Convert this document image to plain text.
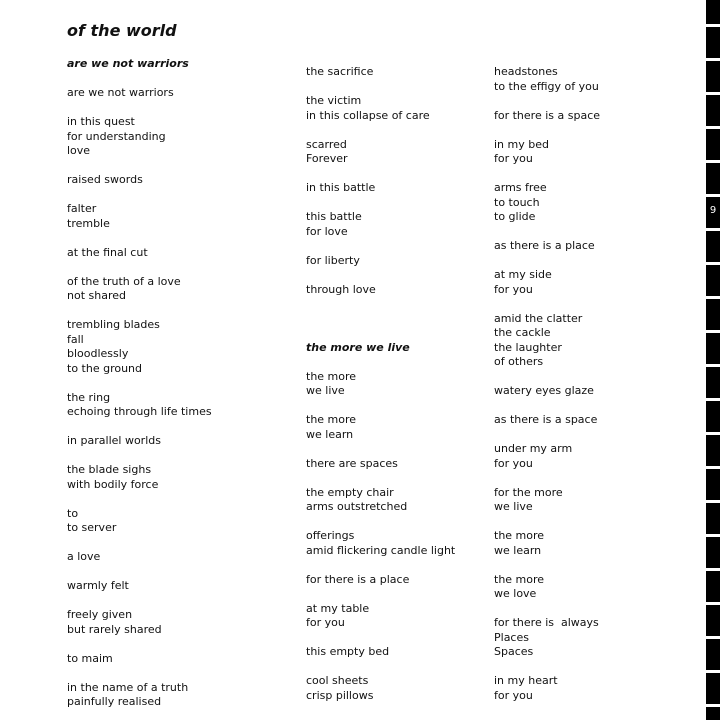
of the world
are we not warriors
are we not warriors
in this quest
for understanding
love
raised swords
falter
tremble
at the final cut
of the truth of a love
not shared
trembling blades
fall
bloodlessly
to the ground
the ring
echoing through life times
in parallel worlds
the blade sighs
with bodily force
to
to server
a love
warmly felt
freely given
but rarely shared
to maim
in the name of a truth
painfully realised
the sacrifice
the victim
in this collapse of care
scarred
Forever
in this battle
this battle
for love
for liberty
through love
the more we live
the more
we live
the more
we learn
there are spaces
the empty chair
arms outstretched
offerings
amid flickering candle light
for there is a place
at my table
for you
this empty bed
cool sheets
crisp pillows
headstones
to the effigy of you
for there is a space
in my bed
for you
arms free
to touch
to glide
as there is a place
at my side
for you
amid the clatter
the cackle
the laughter
of others
watery eyes glaze
as there is a space
under my arm
for you
for the more
we live
the more
we learn
the more
we love
for there is  always
Places
Spaces
in my heart
for you
9
